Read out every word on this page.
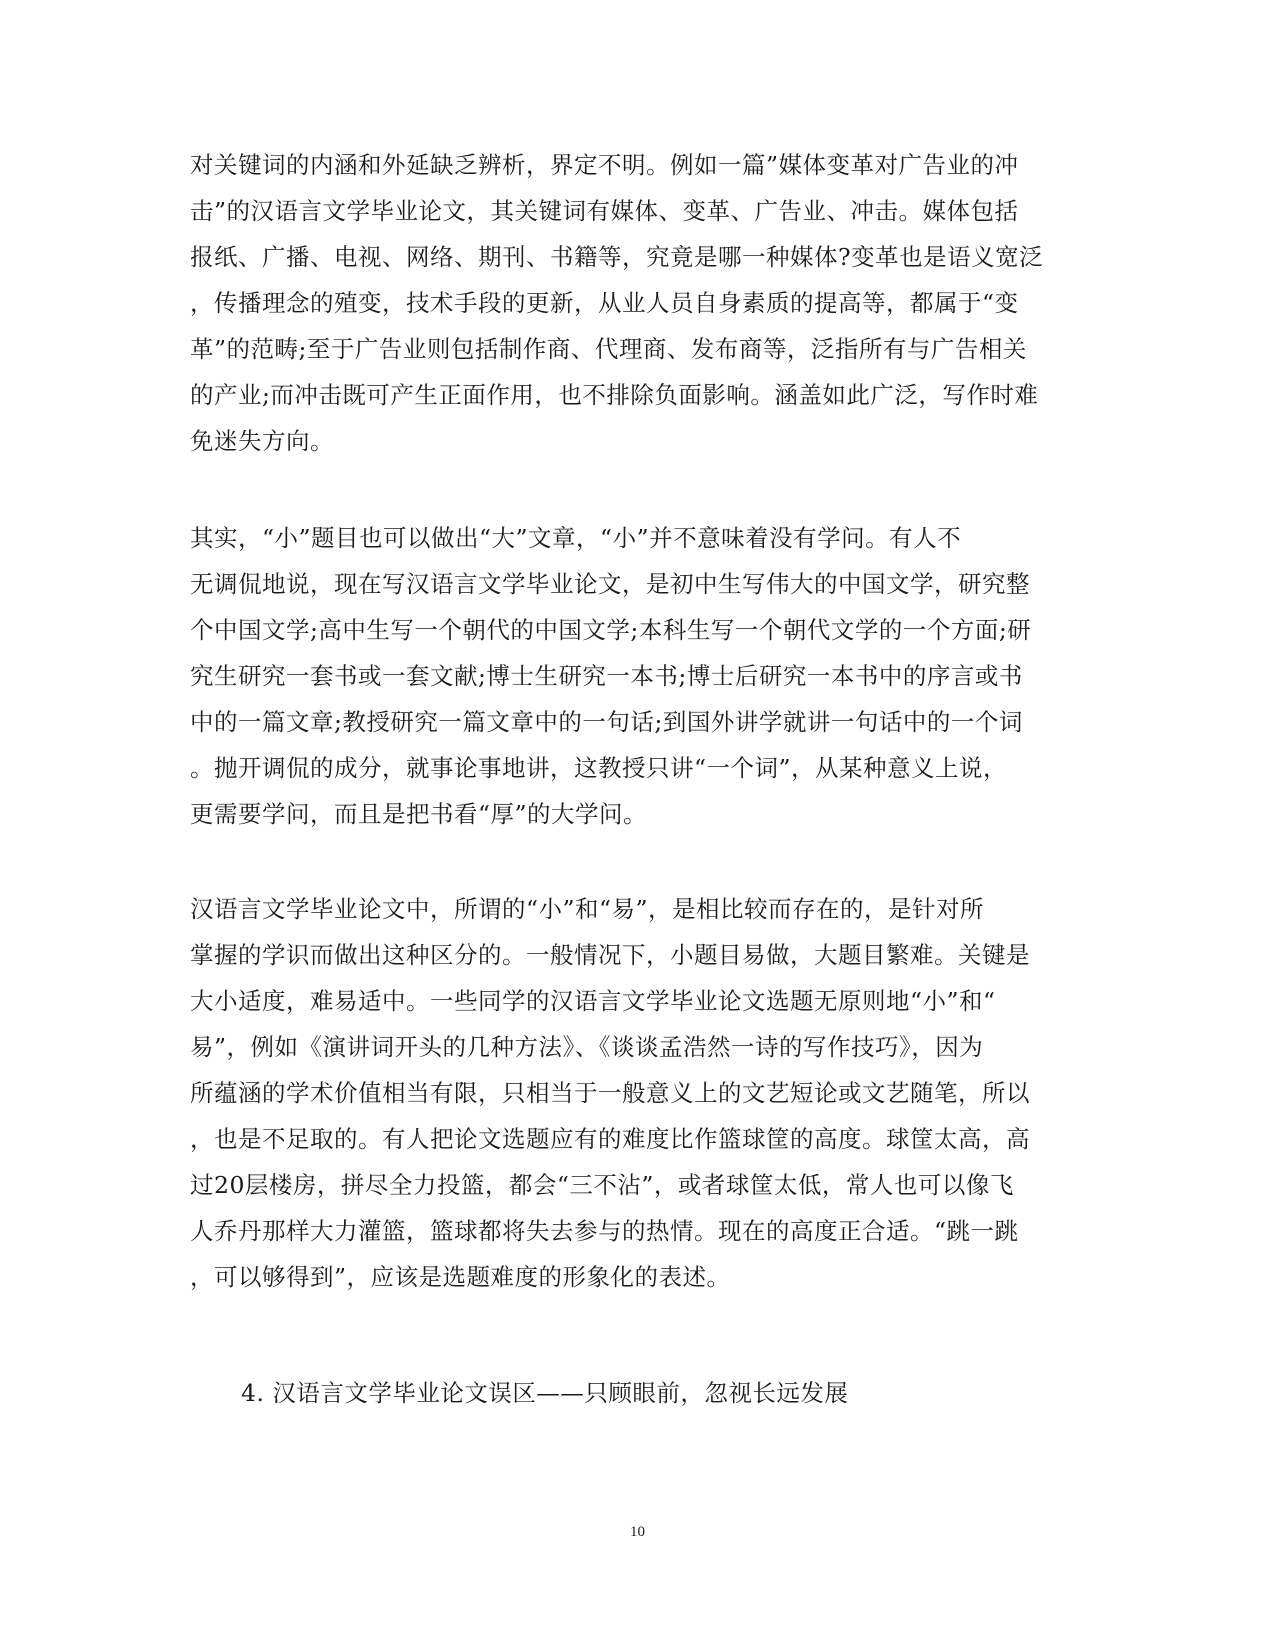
对关键词的内涵和外延缺乏辨析，界定不明。例如一篇”媒体变革对广告业的冲
击”的汉语言文学毕业论文，其关键词有媒体、变革、广告业、冲击。媒体包括
报纸、广播、电视、网络、期刊、书籍等，究竟是哪一种媒体?变革也是语义宽泛
，传播理念的殖变，技术手段的更新，从业人员自身素质的提高等，都属于“变
革”的范畴;至于广告业则包括制作商、代理商、发布商等，泛指所有与广告相关
的产业;而冲击既可产生正面作用，也不排除负面影响。涵盖如此广泛，写作时难
免迷失方向。
其实，“小”题目也可以做出“大”文章，“小”并不意味着没有学问。有人不
无调侃地说，现在写汉语言文学毕业论文，是初中生写伟大的中国文学，研究整
个中国文学;高中生写一个朝代的中国文学;本科生写一个朝代文学的一个方面;研
究生研究一套书或一套文献;博士生研究一本书;博士后研究一本书中的序言或书
中的一篇文章;教授研究一篇文章中的一句话;到国外讲学就讲一句话中的一个词
。抛开调侃的成分，就事论事地讲，这教授只讲“一个词”，从某种意义上说，
更需要学问，而且是把书看“厚”的大学问。
汉语言文学毕业论文中，所谓的“小”和“易”，是相比较而存在的，是针对所
掌握的学识而做出这种区分的。一般情况下，小题目易做，大题目繁难。关键是
大小适度，难易适中。一些同学的汉语言文学毕业论文选题无原则地“小”和“
易”，例如《演讲词开头的几种方法》、《谈谈孟浩然一诗的写作技巧》，因为
所蕴涵的学术价值相当有限，只相当于一般意义上的文艺短论或文艺随笔，所以
，也是不足取的。有人把论文选题应有的难度比作篮球筐的高度。球筐太高，高
过20层楼房，拼尽全力投篮，都会“三不沾”，或者球筐太低，常人也可以像飞
人乔丹那样大力灌篮，篮球都将失去参与的热情。现在的高度正合适。“跳一跳
，可以够得到”，应该是选题难度的形象化的表述。
4. 汉语言文学毕业论文误区——只顾眼前，忽视长远发展
10
